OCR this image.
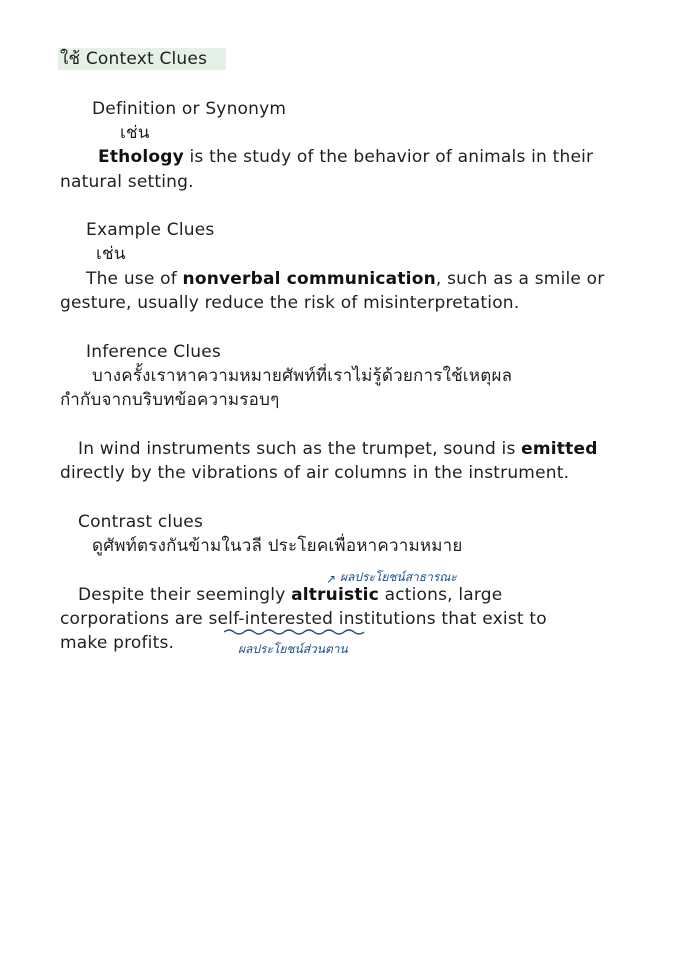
ใช้ Context Clues
Definition or Synonym
เช่น
Ethology is the study of the behavior of animals in their
natural setting.
Example Clues
เช่น
The use of nonverbal communication, such as a smile or
gesture, usually reduce the risk of misinterpretation.
Inference Clues
บางครั้งเราหาความหมายศัพท์ที่เราไม่รู้ด้วยการใช้เหตุผล
กำกับจากบริบทข้อความรอบๆ
In wind instruments such as the trumpet, sound is emitted
directly by the vibrations of air columns in the instrument.
Contrast clues
ดูศัพท์ตรงกันข้ามในวลี ประโยคเพื่อหาความหมาย
ผลประโยชน์สาธารณะ
↗
Despite their seemingly altruistic actions, large
corporations are self-interested institutions that exist to
make profits.	ผลประโยชน์ส่วนตาน
